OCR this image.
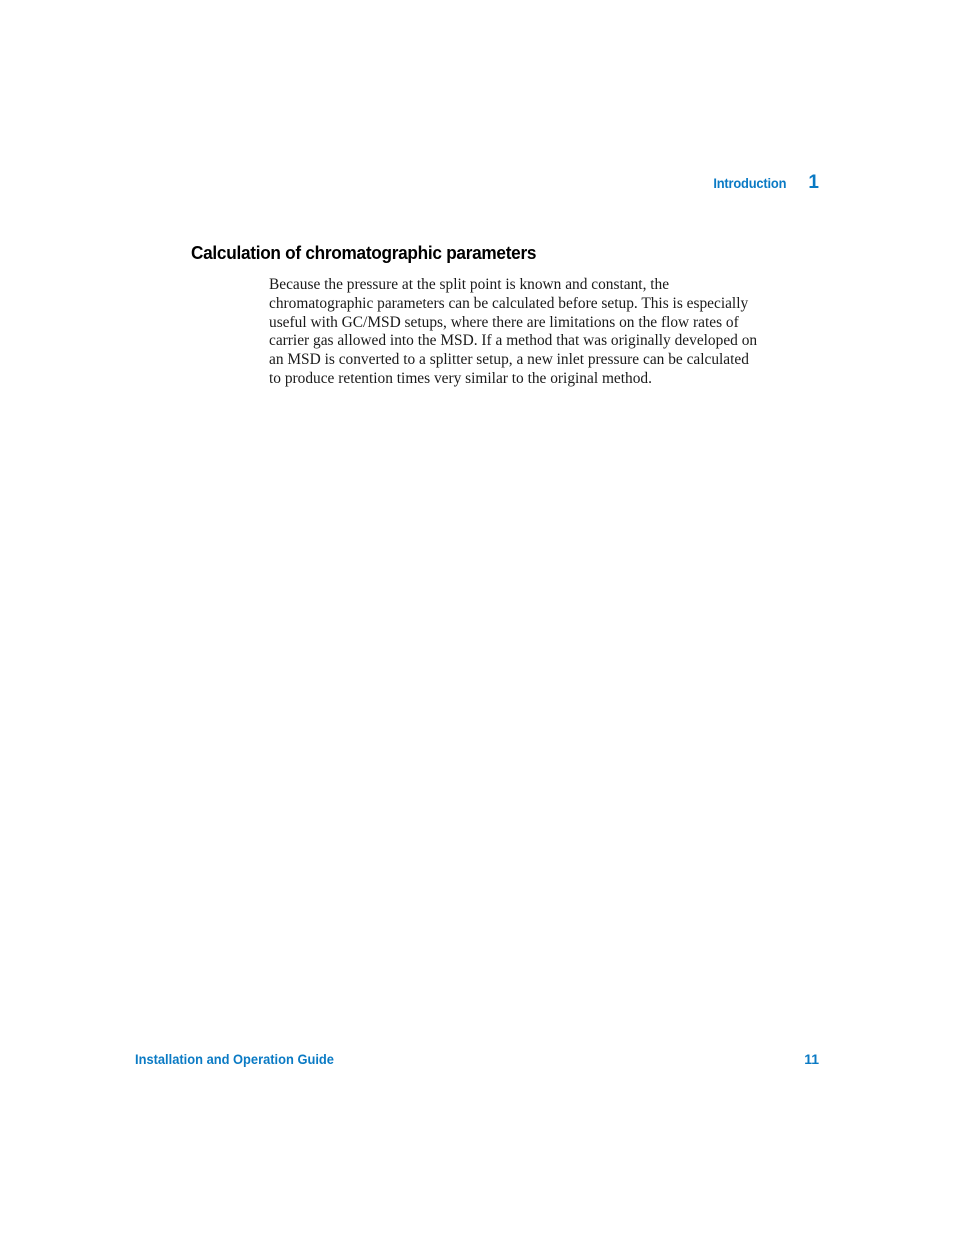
Introduction 1
Calculation of chromatographic parameters

Because the pressure at the split point is known and constant, the
chromatographic parameters can be calculated before setup. This is especially
useful with GC/MSD setups, where there are limitations on the flow rates of
carrier gas allowed into the MSD. If a method that was originally developed on
an MSD is converted to a splitter setup, a new inlet pressure can be calculated
to produce retention times very similar to the original method.

Installation and Operation Guide	11
